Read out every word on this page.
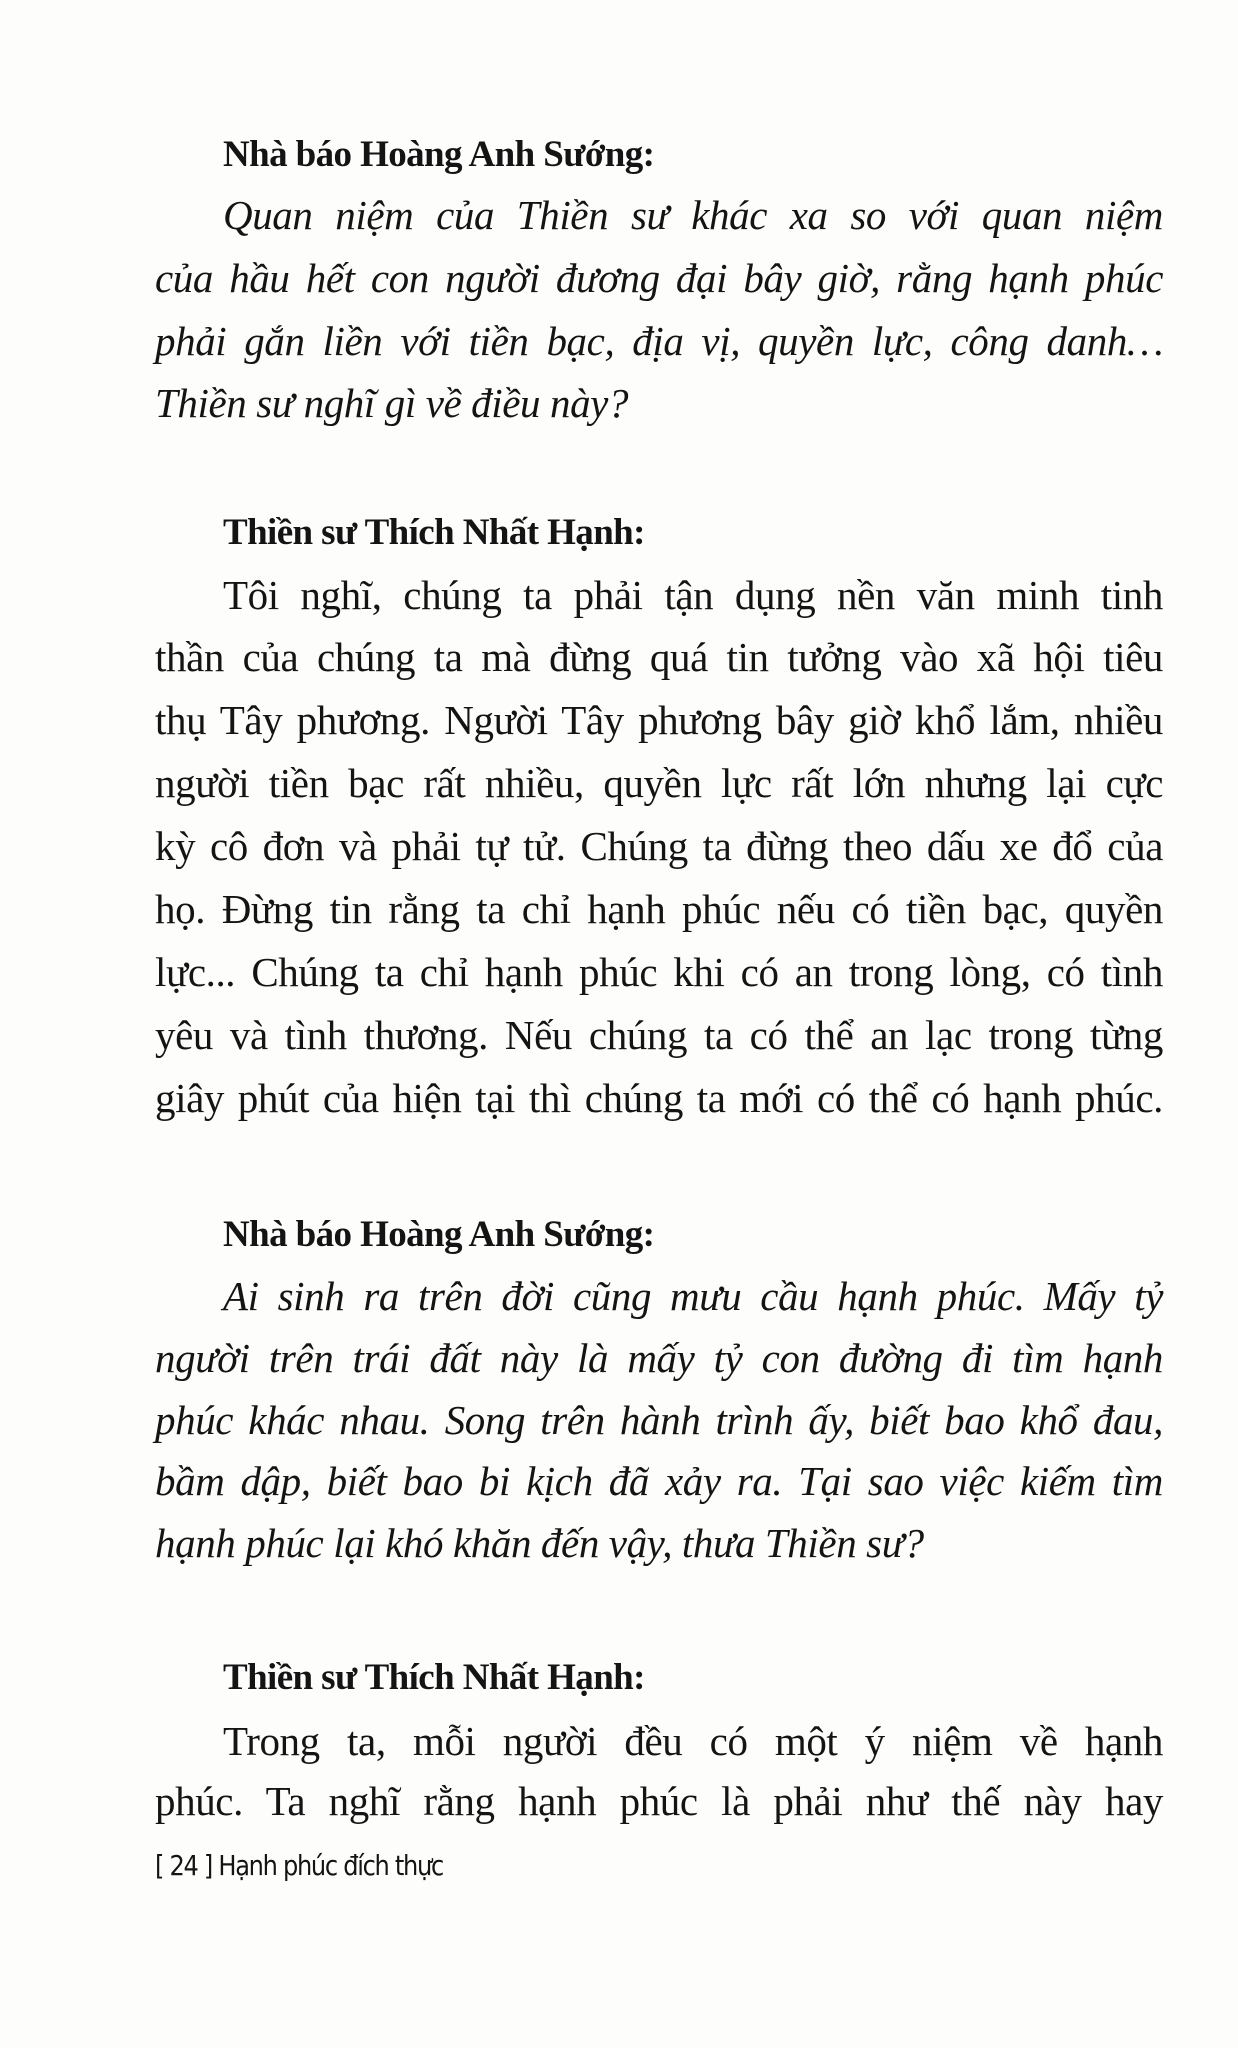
Nhà báo Hoàng Anh Sướng:
Quan niệm của Thiền sư khác xa so với quan niệm
của hầu hết con người đương đại bây giờ, rằng hạnh phúc
phải gắn liền với tiền bạc, địa vị, quyền lực, công danh…
Thiền sư nghĩ gì về điều này?
Thiền sư Thích Nhất Hạnh:
Tôi nghĩ, chúng ta phải tận dụng nền văn minh tinh
thần của chúng ta mà đừng quá tin tưởng vào xã hội tiêu
thụ Tây phương. Người Tây phương bây giờ khổ lắm, nhiều
người tiền bạc rất nhiều, quyền lực rất lớn nhưng lại cực
kỳ cô đơn và phải tự tử. Chúng ta đừng theo dấu xe đổ của
họ. Đừng tin rằng ta chỉ hạnh phúc nếu có tiền bạc, quyền
lực... Chúng ta chỉ hạnh phúc khi có an trong lòng, có tình
yêu và tình thương. Nếu chúng ta có thể an lạc trong từng
giây phút của hiện tại thì chúng ta mới có thể có hạnh phúc.
Nhà báo Hoàng Anh Sướng:
Ai sinh ra trên đời cũng mưu cầu hạnh phúc. Mấy tỷ
người trên trái đất này là mấy tỷ con đường đi tìm hạnh
phúc khác nhau. Song trên hành trình ấy, biết bao khổ đau,
bầm dập, biết bao bi kịch đã xảy ra. Tại sao việc kiếm tìm
hạnh phúc lại khó khăn đến vậy, thưa Thiền sư?
Thiền sư Thích Nhất Hạnh:
Trong ta, mỗi người đều có một ý niệm về hạnh
phúc. Ta nghĩ rằng hạnh phúc là phải như thế này hay
[ 24 ] Hạnh phúc đích thực
